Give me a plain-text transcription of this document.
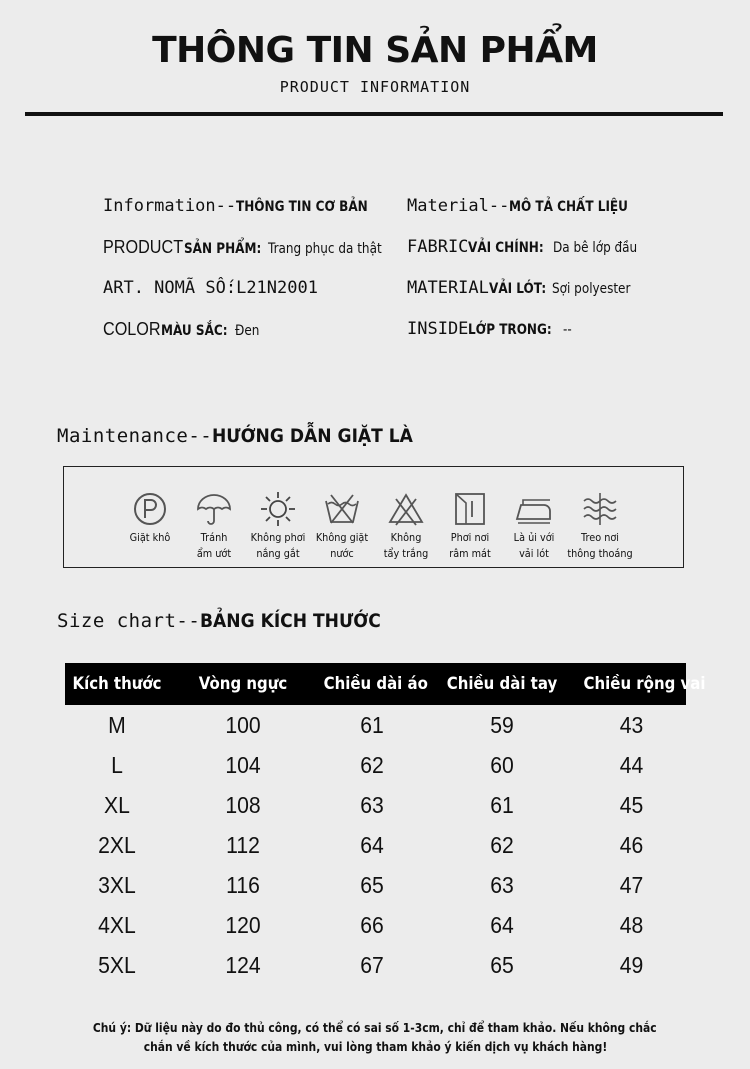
THÔNG TIN SẢN PHẨM
PRODUCT INFORMATION
Information-- THÔNG TIN CƠ BẢN
PRODUCT SẢN PHẨM: Trang phục da thật
ART. NO MÃ SỐ: L21N2001
COLOR MÀU SẮC: Đen
Material-- MÔ TẢ CHẤT LIỆU
FABRIC VẢI CHÍNH: Da bê lớp đầu
MATERIAL VẢI LÓT: Sợi polyester
INSIDE LỚP TRONG: --
Maintenance-- HƯỚNG DẪN GIẶT LÀ
Giặt khô	Tránh
ẩm ướt
Không phơi
nắng gắt
Không giặt
nước
Không
tẩy trắng
Phơi nơi
râm mát
Là ủi với
vải lót
Treo nơi
thông thoáng
Size chart-- BẢNG KÍCH THƯỚC
Kích thước	Vòng ngực	Chiều dài áo	Chiều dài tay	Chiều rộng vai
M	100	61	59	43
L	104	62	60	44
XL	108	63	61	45
2XL	112	64	62	46
3XL	116	65	63	47
4XL	120	66	64	48
5XL	124	67	65	49
Chú ý: Dữ liệu này do đo thủ công, có thể có sai số 1-3cm, chỉ để tham khảo. Nếu không chắc
chắn về kích thước của mình, vui lòng tham khảo ý kiến dịch vụ khách hàng!
